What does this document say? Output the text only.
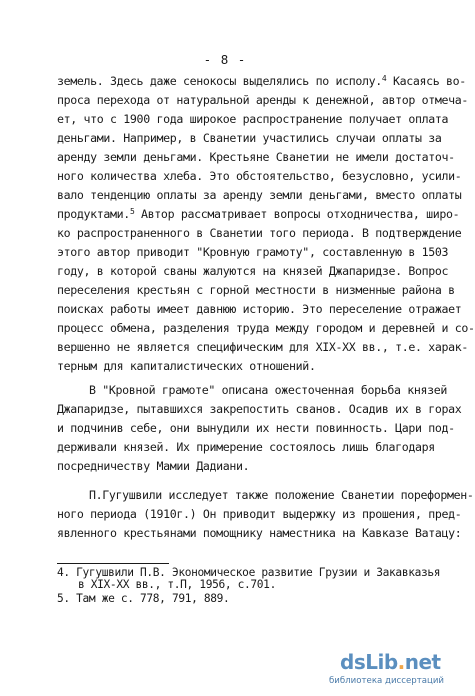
- 8 -
земель. Здесь даже сенокосы выделялись по исполу.$^4$ Касаясь во-
проса перехода от натуральной аренды к денежной, автор отмеча-
ет, что с 1900 года широкое распространение получает оплата
деньгами. Например, в Сванетии участились случаи оплаты за
аренду земли деньгами. Крестьяне Сванетии не имели достаточ-
ного количества хлеба. Это обстоятельство, безусловно, усили-
вало тенденцию оплаты за аренду земли деньгами, вместо оплаты
продуктами.$^5$ Автор рассматривает вопросы отходничества, широ-
ко распространенного в Сванетии того периода. В подтверждение
этого автор приводит "Кровную грамоту", составленную в 1503
году, в которой сваны жалуются на князей Джапаридзе. Вопрос
переселения крестьян с горной местности в низменные района в
поисках работы имеет давнюю историю. Это переселение отражает
процесс обмена, разделения труда между городом и деревней и со-
вершенно не является специфическим для XIX-XX вв., т.е. харак-
терным для капиталистических отношений.
В "Кровной грамоте" описана ожесточенная борьба князей
Джапаридзе, пытавшихся закрепостить сванов. Осадив их в горах
и подчинив себе, они вынудили их нести повинность. Цари под-
держивали князей. Их примерение состоялось лишь благодаря
посредничеству Мамии Дадиани.
П.Гугушвили исследует также положение Сванетии пореформен-
ного периода (1910г.) Он приводит выдержку из прошения, пред-
явленного крестьянами помощнику наместника на Кавказе Ватацу:
4. Гугушвили П.В. Экономическое развитие Грузии и Закавказья
в XIX-XX вв., т.П, 1956, с.701.
5. Там же с. 778, 791, 889.
dsLib.net
библиотека диссертаций
